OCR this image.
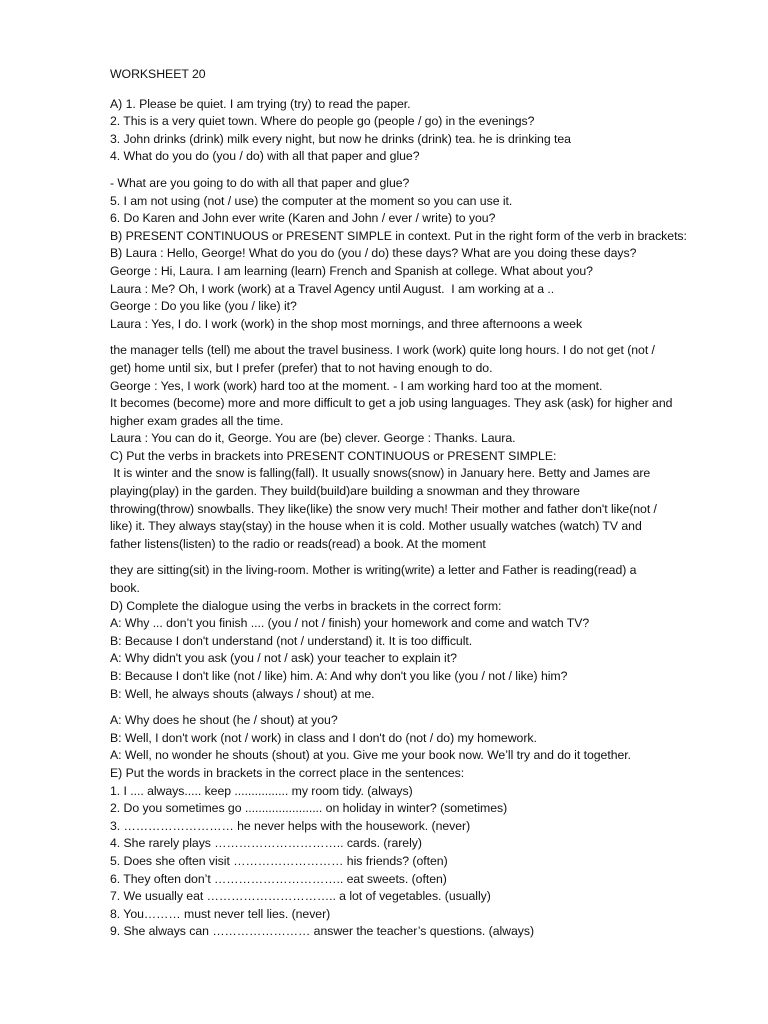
WORKSHEET 20
A) 1. Please be quiet. I am trying (try) to read the paper.
2. This is a very quiet town. Where do people go (people / go) in the evenings?
3. John drinks (drink) milk every night, but now he drinks (drink) tea. he is drinking tea
4. What do you do (you / do) with all that paper and glue?
- What are you going to do with all that paper and glue?
5. I am not using (not / use) the computer at the moment so you can use it.
6. Do Karen and John ever write (Karen and John / ever / write) to you?
B) PRESENT CONTINUOUS or PRESENT SIMPLE in context. Put in the right form of the verb in brackets:
B) Laura : Hello, George! What do you do (you / do) these days? What are you doing these days?
George : Hi, Laura. I am learning (learn) French and Spanish at college. What about you?
Laura : Me? Oh, I work (work) at a Travel Agency until August.  I am working at a ..
George : Do you like (you / like) it?
Laura : Yes, I do. I work (work) in the shop most mornings, and three afternoons a week
the manager tells (tell) me about the travel business. I work (work) quite long hours. I do not get (not /
get) home until six, but I prefer (prefer) that to not having enough to do.
George : Yes, I work (work) hard too at the moment. - I am working hard too at the moment.
It becomes (become) more and more difficult to get a job using languages. They ask (ask) for higher and
higher exam grades all the time.
Laura : You can do it, George. You are (be) clever. George : Thanks. Laura.
C) Put the verbs in brackets into PRESENT CONTINUOUS or PRESENT SIMPLE:
It is winter and the snow is falling(fall). It usually snows(snow) in January here. Betty and James are
playing(play) in the garden. They build(build)are building a snowman and they throware
throwing(throw) snowballs. They like(like) the snow very much! Their mother and father don't like(not /
like) it. They always stay(stay) in the house when it is cold. Mother usually watches (watch) TV and
father listens(listen) to the radio or reads(read) a book. At the moment
they are sitting(sit) in the living-room. Mother is writing(write) a letter and Father is reading(read) a
book.
D) Complete the dialogue using the verbs in brackets in the correct form:
A: Why ... don’t you finish .... (you / not / finish) your homework and come and watch TV?
B: Because I don't understand (not / understand) it. It is too difficult.
A: Why didn't you ask (you / not / ask) your teacher to explain it?
B: Because I don't like (not / like) him. A: And why don't you like (you / not / like) him?
B: Well, he always shouts (always / shout) at me.
A: Why does he shout (he / shout) at you?
B: Well, I don't work (not / work) in class and I don't do (not / do) my homework.
A: Well, no wonder he shouts (shout) at you. Give me your book now. We’ll try and do it together.
E) Put the words in brackets in the correct place in the sentences:
1. I .... always..... keep ................ my room tidy. (always)
2. Do you sometimes go ....................... on holiday in winter? (sometimes)
3. ……………………… he never helps with the housework. (never)
4. She rarely plays ………………………….. cards. (rarely)
5. Does she often visit ……………………… his friends? (often)
6. They often don’t ………………………….. eat sweets. (often)
7. We usually eat ………………………….. a lot of vegetables. (usually)
8. You……… must never tell lies. (never)
9. She always can …………………… answer the teacher’s questions. (always)
